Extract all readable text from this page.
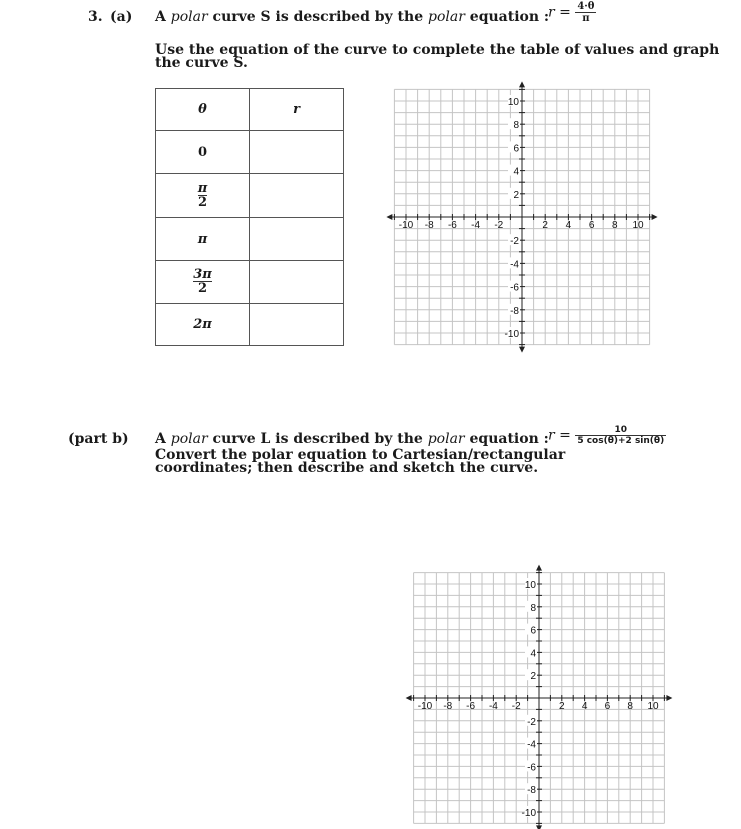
3. (a) A polar curve S is described by the polar equation :
$r = \frac{4\cdot\theta}{\pi}$
Use the equation of the curve to complete the table of values and graph
the curve S.
θ	r
0	

$\frac{\pi}{2}$

π	

$\frac{3\pi}{2}$

2π	
-10 -8 -6 -4 -2	2 4 6 8 10
10
8
6
4
2
-2
-4
-6
-8
-10
(part b) A polar curve L is described by the polar equation :
Convert the polar equation to Cartesian/rectangular
coordinates; then describe and sketch the curve.
$r = \frac{10}{5 \cos(\theta)+2 \sin(\theta)}$
-10 -8 -6 -4 -2	2 4 6 8 10
10
8
6
4
2
-2
-4
-6
-8
-10
